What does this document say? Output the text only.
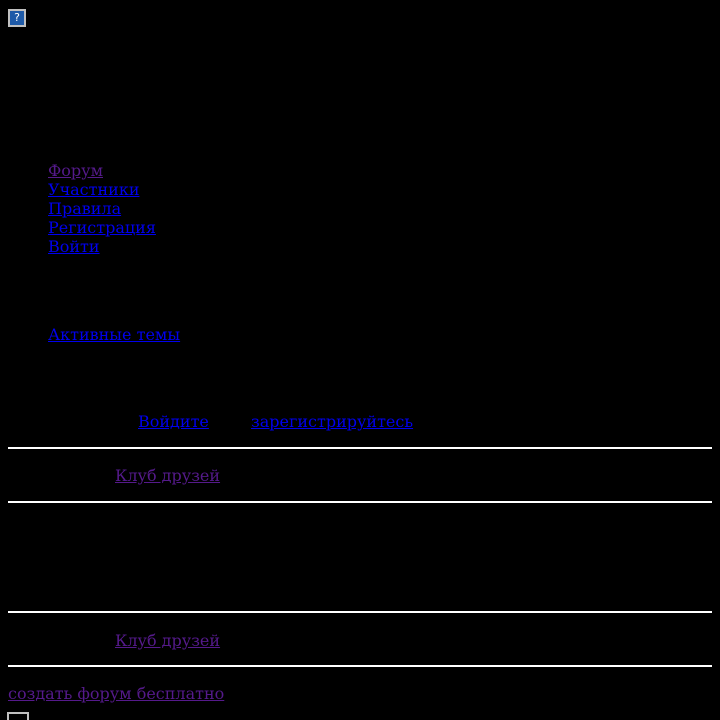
?
Форум
Участники
Правила
Регистрация
Войти
Активные темы
Войдите	зарегистрируйтесь
Клуб друзей
Клуб друзей
создать форум бесплатно
